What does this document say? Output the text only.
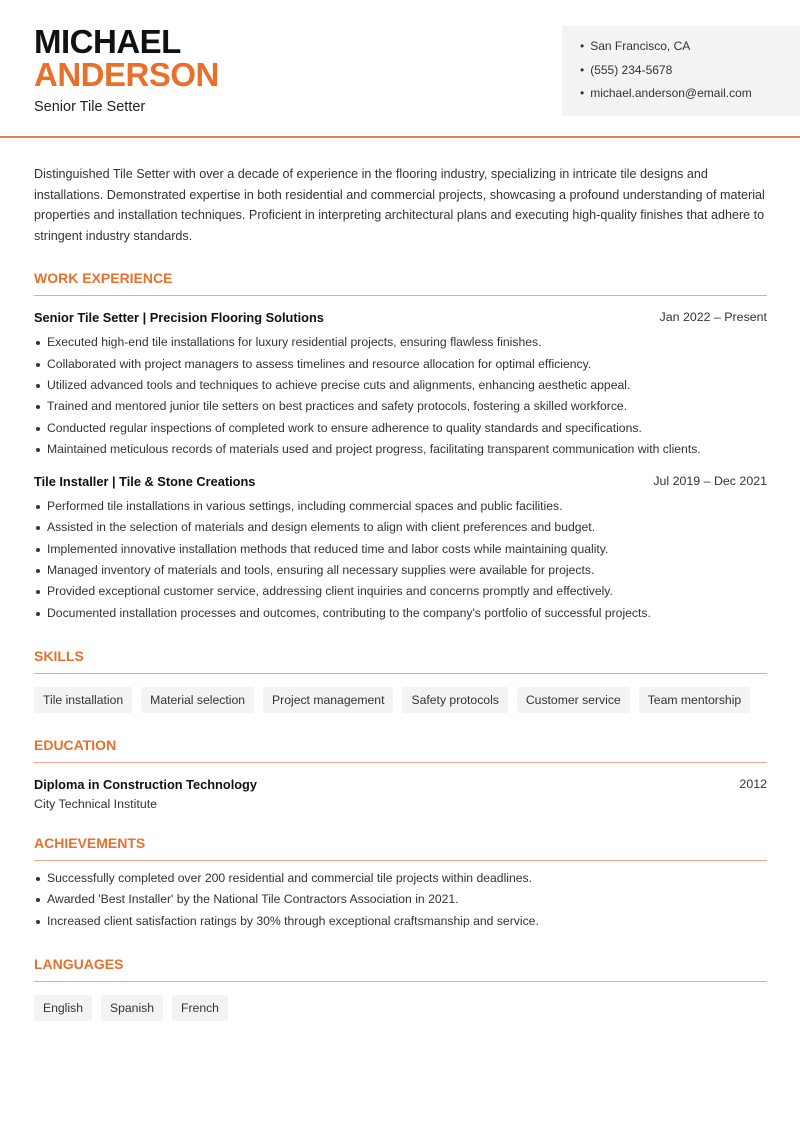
MICHAEL
ANDERSON
Senior Tile Setter
• San Francisco, CA
• (555) 234-5678
• michael.anderson@email.com

Distinguished Tile Setter with over a decade of experience in the flooring industry, specializing in intricate tile designs and installations. Demonstrated expertise in both residential and commercial projects, showcasing a profound understanding of material properties and installation techniques. Proficient in interpreting architectural plans and executing high-quality finishes that adhere to stringent industry standards.

WORK EXPERIENCE
Senior Tile Setter | Precision Flooring Solutions	Jan 2022 – Present
Executed high-end tile installations for luxury residential projects, ensuring flawless finishes.
Collaborated with project managers to assess timelines and resource allocation for optimal efficiency.
Utilized advanced tools and techniques to achieve precise cuts and alignments, enhancing aesthetic appeal.
Trained and mentored junior tile setters on best practices and safety protocols, fostering a skilled workforce.
Conducted regular inspections of completed work to ensure adherence to quality standards and specifications.
Maintained meticulous records of materials used and project progress, facilitating transparent communication with clients.
Tile Installer | Tile & Stone Creations	Jul 2019 – Dec 2021
Performed tile installations in various settings, including commercial spaces and public facilities.
Assisted in the selection of materials and design elements to align with client preferences and budget.
Implemented innovative installation methods that reduced time and labor costs while maintaining quality.
Managed inventory of materials and tools, ensuring all necessary supplies were available for projects.
Provided exceptional customer service, addressing client inquiries and concerns promptly and effectively.
Documented installation processes and outcomes, contributing to the company's portfolio of successful projects.
SKILLS
Tile installation	Material selection	Project management	Safety protocols	Customer service	Team mentorship
EDUCATION
Diploma in Construction Technology	2012
City Technical Institute
ACHIEVEMENTS
Successfully completed over 200 residential and commercial tile projects within deadlines.
Awarded 'Best Installer' by the National Tile Contractors Association in 2021.
Increased client satisfaction ratings by 30% through exceptional craftsmanship and service.
LANGUAGES
English	Spanish	French
